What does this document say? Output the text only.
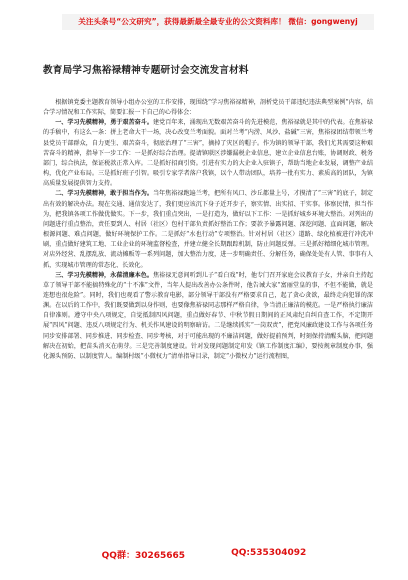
关注头条号“公文研究”，获得最新最全最专业的公文资料库！ 微信：gongwenyj
教育局学习焦裕禄精神专题研讨会交流发言材料

根据镇党委主题教育领导小组办公室的工作安排，现围绕“学习焦裕禄精神，剖析党员干部违纪违法典型案例”内容，结合学习情况和工作实际，简要汇报一下自己的心得体会：

一、学习先模精神，勇于艰苦奋斗。建党百年来，涌现出无数艰苦奋斗的先进模范，焦裕禄就是其中的代表。在焦裕禄的手稿中，有这么一条：拼上老命大干一场，决心改变兰考面貌。面对兰考“内涝、风沙、盐碱”三害，焦裕禄团结带领兰考县党员干部群众，自力更生、艰苦奋斗，彻底治理了“三害”，摘掉了灾区的帽子。作为镇的领导干部，我们尤其需要这种艰苦奋斗的精神，指导下一步工作：一是抓好综合治理。提请镇联区涉嫌漏税企业信息，建立企业信息台账，协调财政、税务部门，综合执法，保证税款正常入库。二是抓好招商引资。引进有实力的大企业入驻镇子，帮助当地企业发展，调整产业结构，优化产业布局。三是抓好班子引智。吸引专家学者落户我镇，以个人带动团队，培养一批有实力、素质高的团队，为镇高质量发展提供智力支持。

二、学习先模精神，敢于担当作为。当年焦裕禄跑遍兰考，把所有风口、沙丘都量上号，才摸清了“三害”的底子，制定出有效的解决办法。现在交通、通信发达了，我们更应该沉下身子近开步子，察实情、出实招、干实事。体察民情，担当作为，把我镇各项工作做优做实。下一步，我们重点突出，一是打造为，做好以下工作：一是抓好城乡环境大整治。对列出的问题进行重点整治，责任要到人、村居（社区）包村干部负责抓好整治工作；要款予暴露问题、深挖问题、直面问题，解决根源问题、难点问题，做好环境保护工作。二是抓好“水也行动”专项整治。针对村居（社区）道路、绿化植被进行冲洗冲刷，重点做好建筑工地、工业企业的环境监督检查，并建立健全长期跟踪机制，防止问题反弹。三是抓好精细化城市管理。对店外经营、乱摆乱放、流动摊贩等一系列问题，加大整治力度，进一步明确责任、分解任务，确保处处有人管、事事有人抓，实现城市管理的常态化、长效化。

三、学习先模精神，永葆清廉本色。焦裕禄无意间听到儿子“看白戏”时，他专门召开家庭会议教育子女，并亲自主持起草了领导干部不能搞特殊化的“十不准”文件，当年人提出改善办公条件时，他告诫大家“富丽堂皇的事，不但不能做，就是连想也很危险”。同时，我们也观看了警示教育电影，部分领导干部没有严格要求自己，起了贪心贪欲，最终走向犯罪的深渊。在以后的工作中，我们既要做到以身作则，也要像焦裕禄同志那样严格自律，争当清正廉洁的模范。一是严格执行廉洁自律准则。遵守中央八项规定，自觉抵制四风问题，重点做好春节、中秋节假日期间的正风肃纪自纠自查工作，不定期开展“四风”问题、违反八项规定行为、机关作风建设的明察暗访。二是继续抓实“一岗双责”，把党风廉政建设工作与各项任务同步安排部署、同步推进、同步检查、同步考核，对于可能出现的不廉洁问题，做好提前预判，时刻保持清醒头脑，把问题解决在初始，把苗头消灭在萌芽。三是完善制度建设。针对发现问题制定印发《镇工作制度汇编》，要按规章制度办事，强化源头预防、以制度管人。编制村级“小微权力”清单指导目录，制定“小微权力”运行流程图，

QQ群：30265665	QQ:535304092
